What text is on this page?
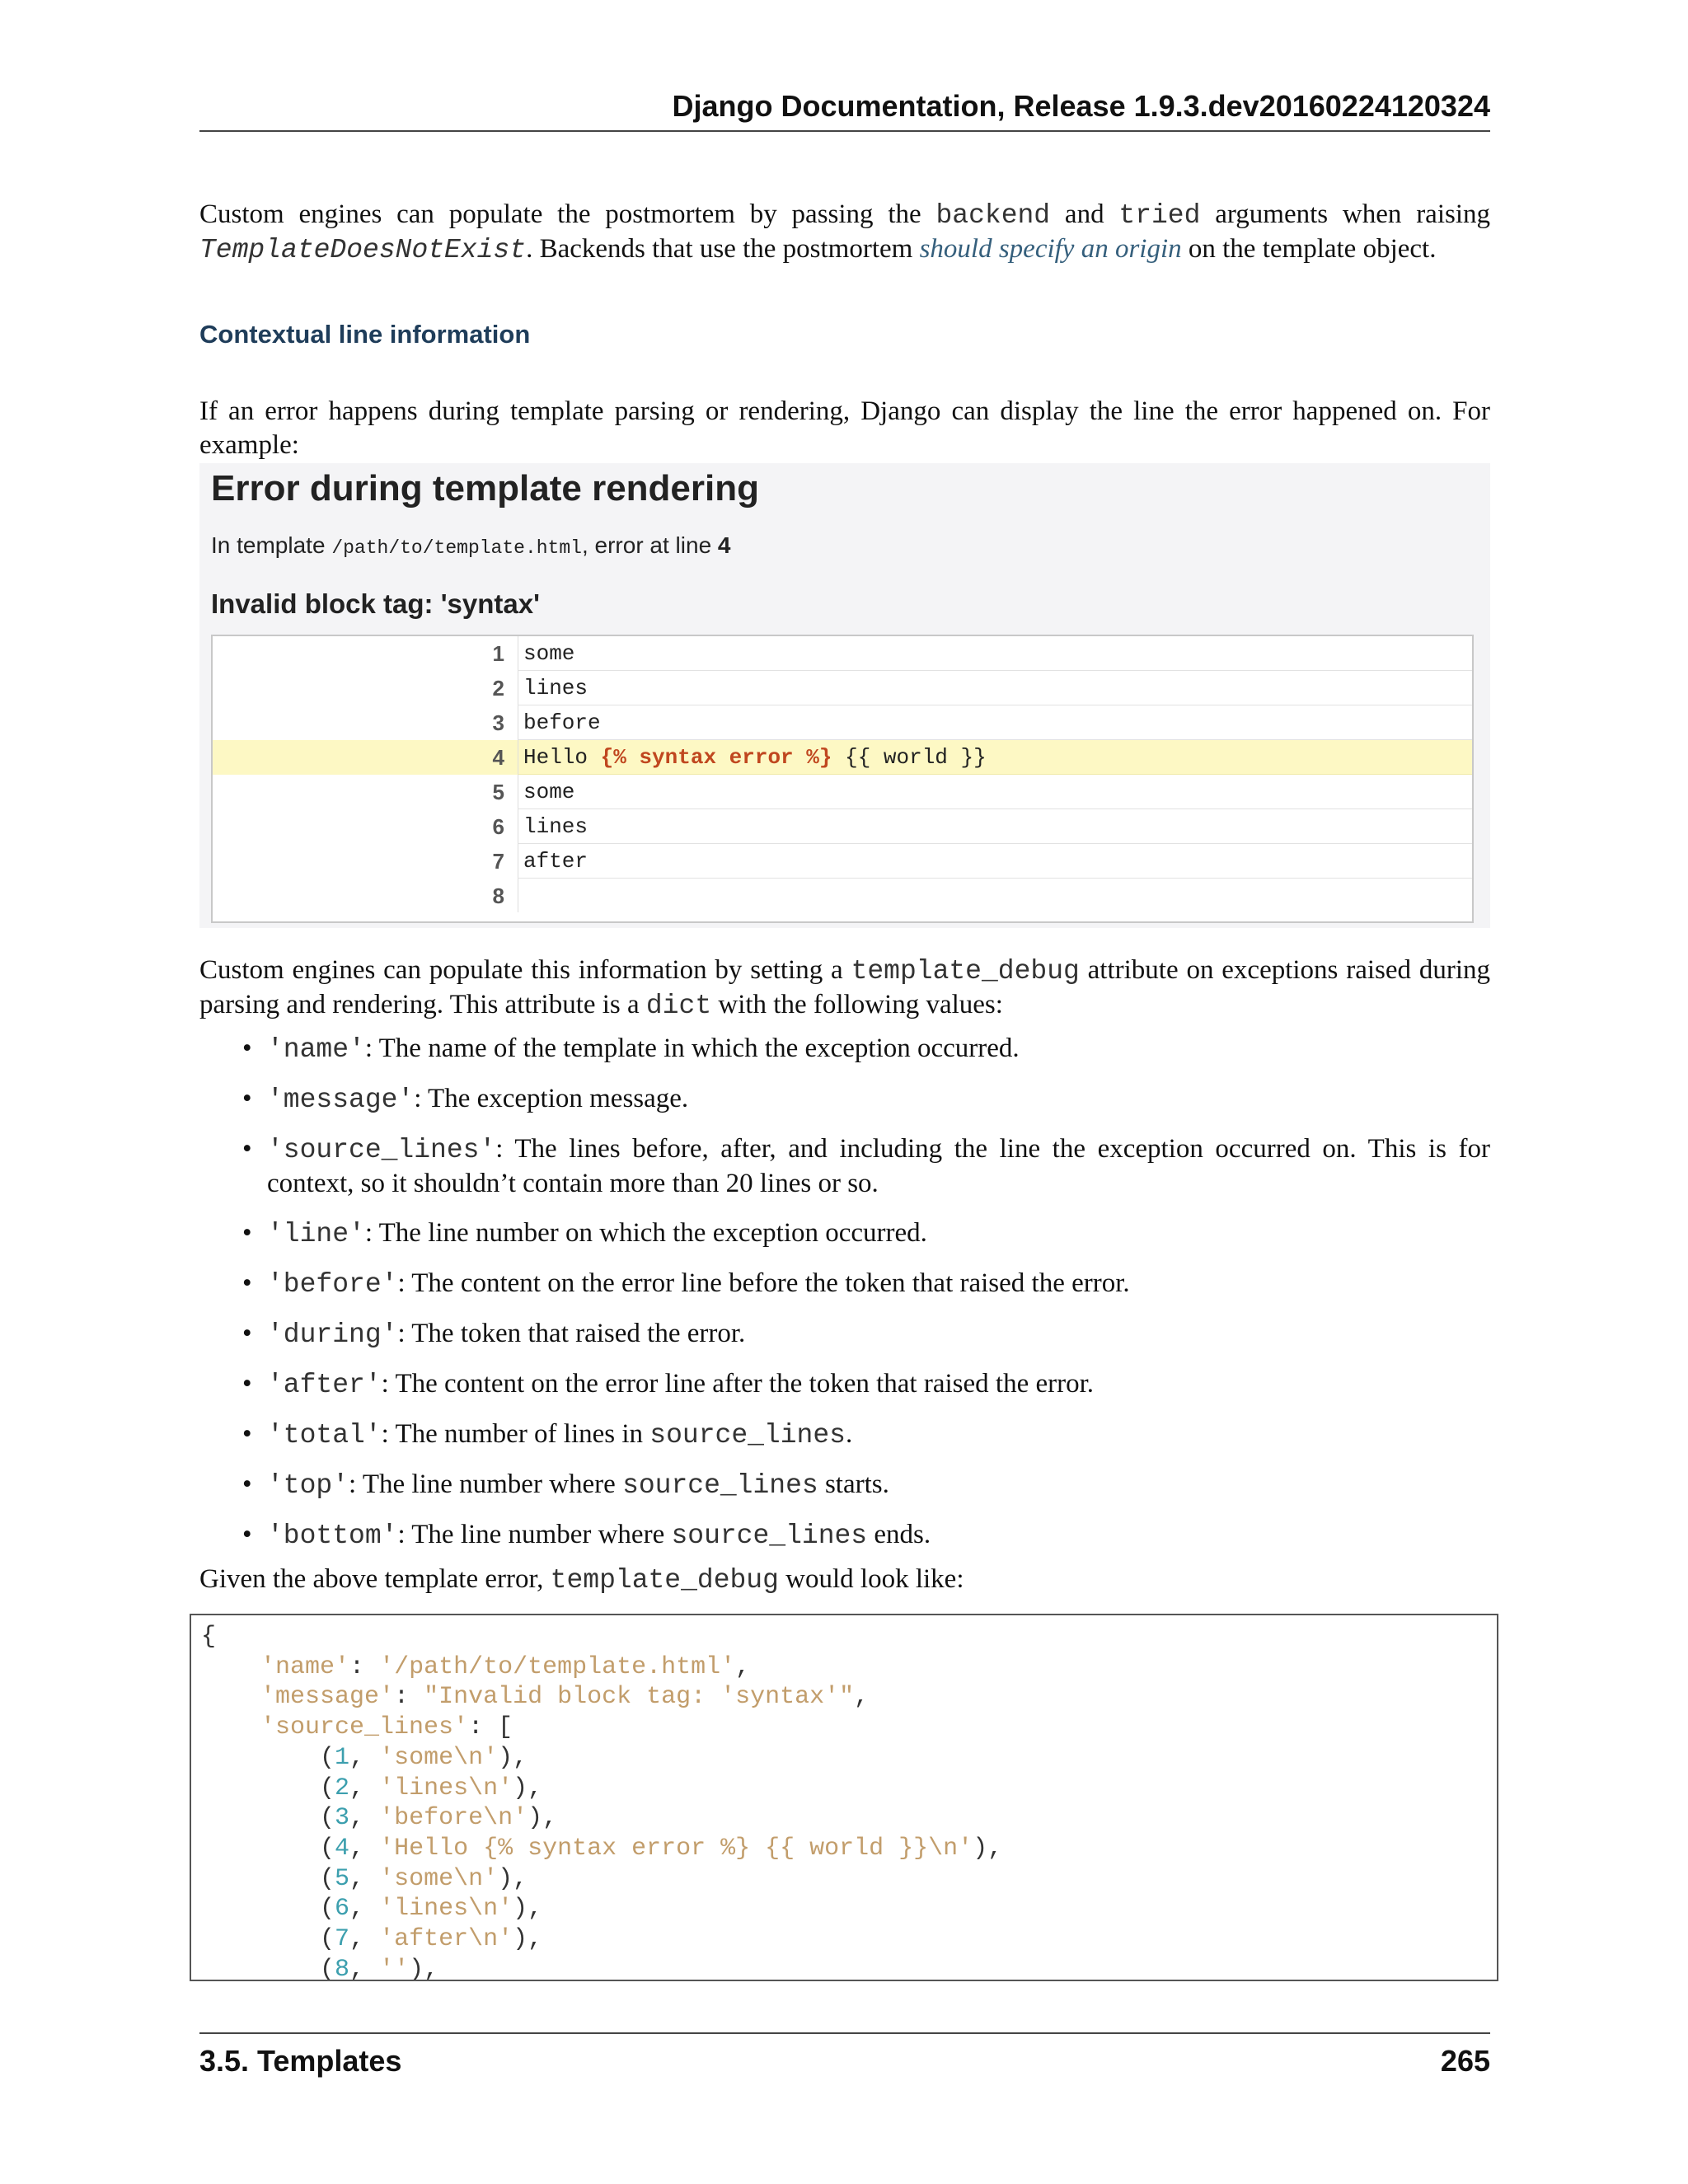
Django Documentation, Release 1.9.3.dev20160224120324
Custom engines can populate the postmortem by passing the backend and tried arguments when raising TemplateDoesNotExist. Backends that use the postmortem should specify an origin on the template object.
Contextual line information
If an error happens during template parsing or rendering, Django can display the line the error happened on. For example:
Error during template rendering
In template /path/to/template.html, error at line 4
Invalid block tag: 'syntax'
1 some
2 lines
3 before
4 Hello {% syntax error %} {{ world }}
5 some
6 lines
7 after
8
Custom engines can populate this information by setting a template_debug attribute on exceptions raised during parsing and rendering. This attribute is a dict with the following values:
• 'name': The name of the template in which the exception occurred.
• 'message': The exception message.
• 'source_lines': The lines before, after, and including the line the exception occurred on. This is for context, so it shouldn’t contain more than 20 lines or so.
• 'line': The line number on which the exception occurred.
• 'before': The content on the error line before the token that raised the error.
• 'during': The token that raised the error.
• 'after': The content on the error line after the token that raised the error.
• 'total': The number of lines in source_lines.
• 'top': The line number where source_lines starts.
• 'bottom': The line number where source_lines ends.
Given the above template error, template_debug would look like:
{
'name': '/path/to/template.html',
'message': "Invalid block tag: 'syntax'",
'source_lines': [
(1, 'some\n'),
(2, 'lines\n'),
(3, 'before\n'),
(4, 'Hello {% syntax error %} {{ world }}\n'),
(5, 'some\n'),
(6, 'lines\n'),
(7, 'after\n'),
(8, ''),
3.5. Templates	265
